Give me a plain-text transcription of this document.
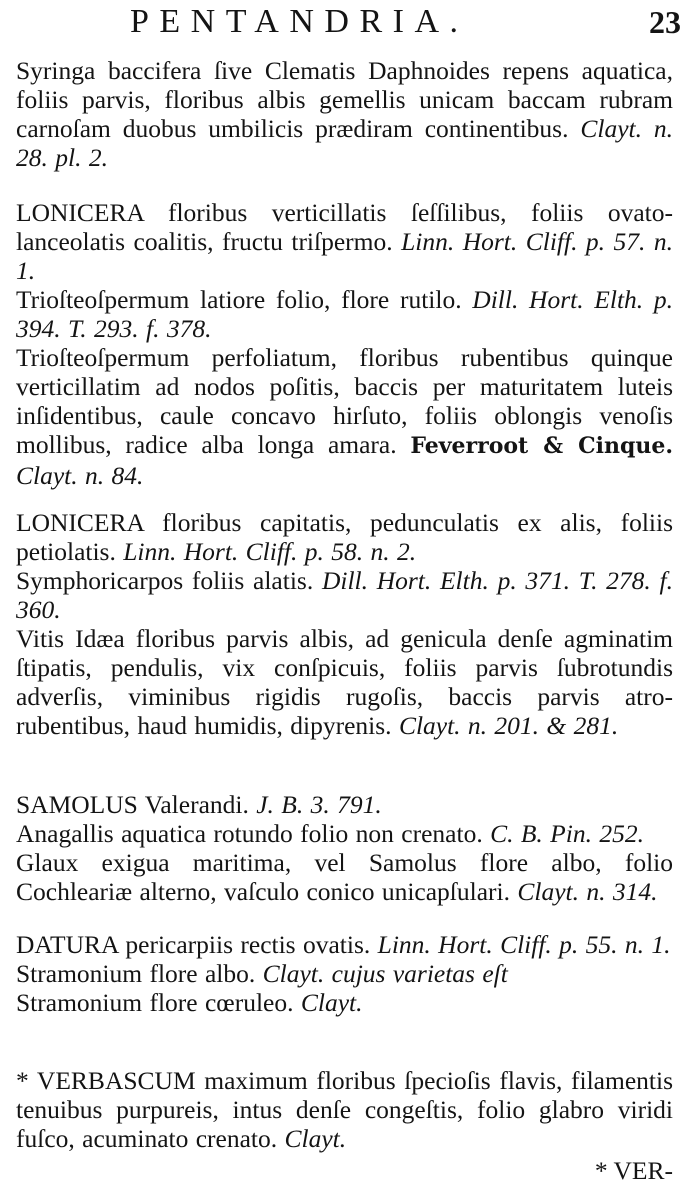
PENTANDRIA.	23

Syringa baccifera ſive Clematis Daphnoides repens aquatica, foliis parvis, floribus albis gemellis unicam baccam rubram carnoſam duobus umbilicis prædiram continentibus. Clayt. n. 28. pl. 2.

LONICERA floribus verticillatis ſeſſilibus, foliis ovato-lanceolatis coalitis, fructu triſpermo. Linn. Hort. Cliff. p. 57. n. 1.

Trioſteoſpermum latiore folio, flore rutilo. Dill. Hort. Elth. p. 394. T. 293. f. 378.

Trioſteoſpermum perfoliatum, floribus rubentibus quinque verticillatim ad nodos poſitis, baccis per maturitatem luteis inſidentibus, caule concavo hirſuto, foliis oblongis venoſis mollibus, radice alba longa amara. Feverroot & Cinque. Clayt. n. 84.

LONICERA floribus capitatis, pedunculatis ex alis, foliis petiolatis. Linn. Hort. Cliff. p. 58. n. 2.

Symphoricarpos foliis alatis. Dill. Hort. Elth. p. 371. T. 278. f. 360.

Vitis Idæa floribus parvis albis, ad genicula denſe agminatim ſtipatis, pendulis, vix conſpicuis, foliis parvis ſubrotundis adverſis, viminibus rigidis rugoſis, baccis parvis atro-rubentibus, haud humidis, dipyrenis. Clayt. n. 201. & 281.

SAMOLUS Valerandi. J. B. 3. 791.

Anagallis aquatica rotundo folio non crenato. C. B. Pin. 252.

Glaux exigua maritima, vel Samolus flore albo, folio Cochleariæ alterno, vaſculo conico unicapſulari. Clayt. n. 314.

DATURA pericarpiis rectis ovatis. Linn. Hort. Cliff. p. 55. n. 1.

Stramonium flore albo. Clayt. cujus varietas eſt

Stramonium flore cœruleo. Clayt.

* VERBASCUM maximum floribus ſpecioſis flavis, filamentis tenuibus purpureis, intus denſe congeſtis, folio glabro viridi fuſco, acuminato crenato. Clayt.

* VER-
